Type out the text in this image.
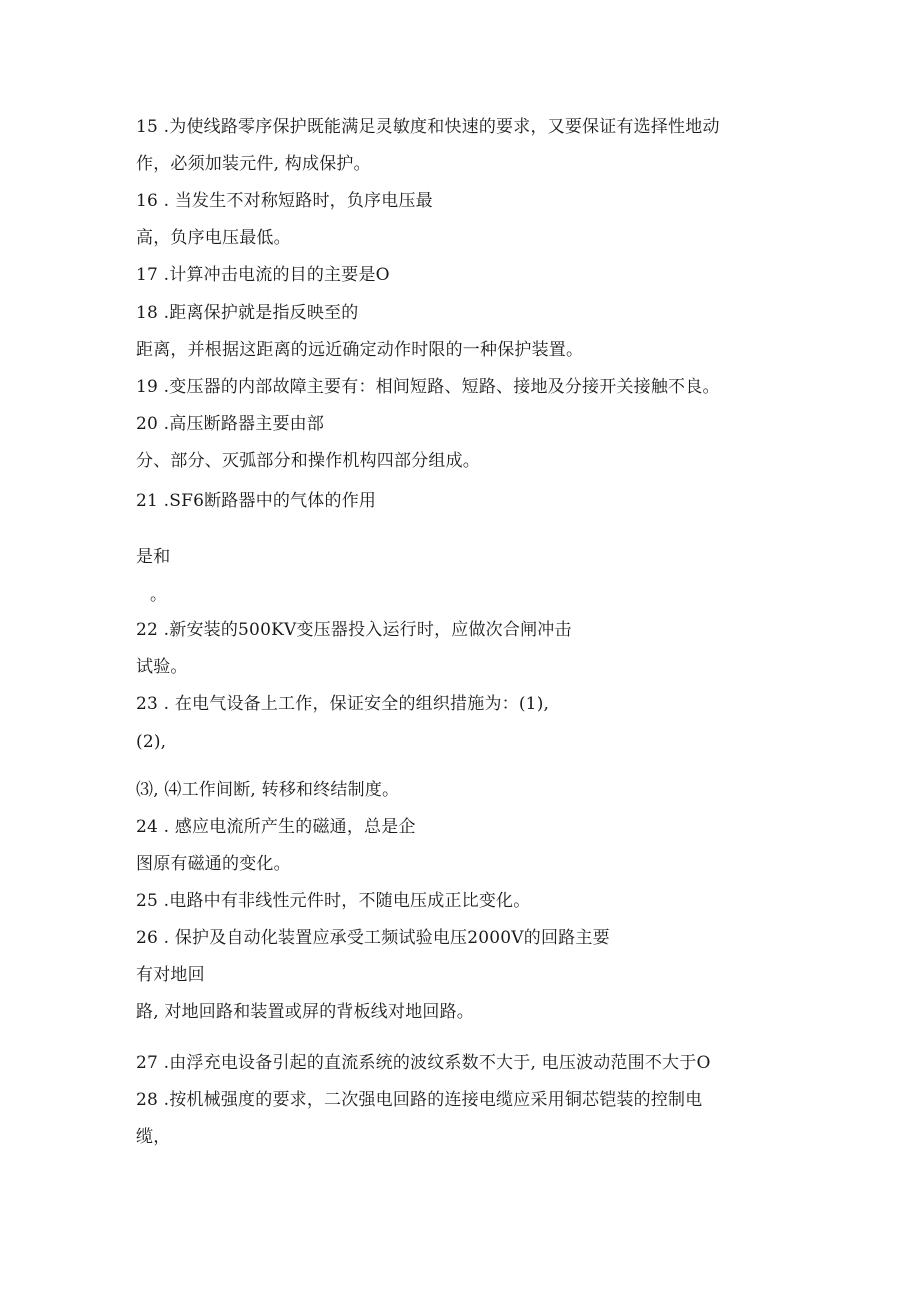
15 .为使线路零序保护既能满足灵敏度和快速的要求，又要保证有选择性地动
作，必须加装元件, 构成保护。
16 . 当发生不对称短路时，负序电压最
高，负序电压最低。
17 .计算冲击电流的目的主要是O
18 .距离保护就是指反映至的
距离，并根据这距离的远近确定动作时限的一种保护装置。
19 .变压器的内部故障主要有：相间短路、短路、接地及分接开关接触不良。
20 .高压断路器主要由部
分、部分、灭弧部分和操作机构四部分组成。
21 .SF6断路器中的气体的作用
是和
。
22 .新安装的500KV变压器投入运行时，应做次合闸冲击
试验。
23 . 在电气设备上工作，保证安全的组织措施为：(1),
(2),
⑶, ⑷工作间断, 转移和终结制度。
24 . 感应电流所产生的磁通，总是企
图原有磁通的变化。
25 .电路中有非线性元件时，不随电压成正比变化。
26 . 保护及自动化装置应承受工频试验电压2000V的回路主要
有对地回
路, 对地回路和装置或屏的背板线对地回路。
27 .由浮充电设备引起的直流系统的波纹系数不大于, 电压波动范围不大于O
28 .按机械强度的要求，二次强电回路的连接电缆应采用铜芯铠装的控制电
缆，
